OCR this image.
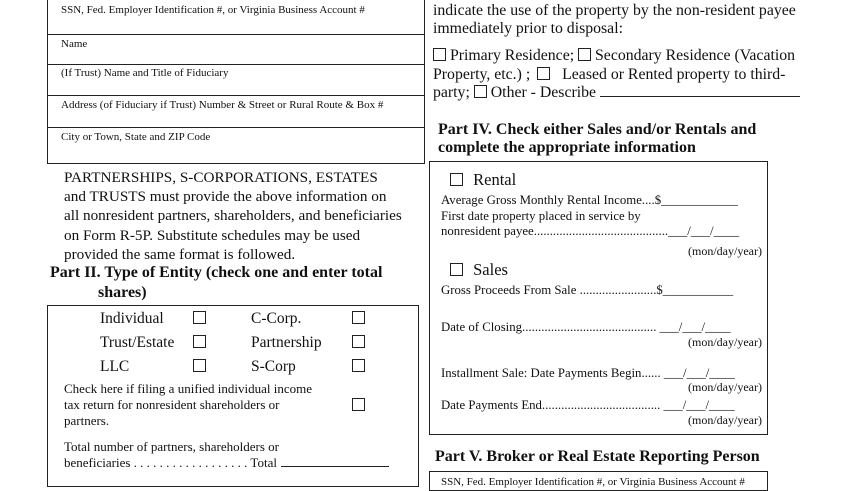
SSN, Fed. Employer Identification #, or Virginia Business Account #
Name
(If Trust) Name and Title of Fiduciary
Address (of Fiduciary if Trust) Number & Street or Rural Route & Box #
City or Town, State and ZIP Code
PARTNERSHIPS, S-CORPORATIONS, ESTATES
and TRUSTS must provide the above information on
all nonresident partners, shareholders, and beneficiaries
on Form R-5P. Substitute schedules may be used
provided the same format is followed.
Part II. Type of Entity (check one and enter total
shares)
Individual	C-Corp.
Trust/Estate	Partnership
LLC	S-Corp
Check here if filing a unified individual income
tax return for nonresident shareholders or
partners.
Total number of partners, shareholders or
beneficiaries . . . . . . . . . . . . . . . . . . Total
indicate the use of the property by the non-resident payee
immediately prior to disposal:
Primary Residence; Secondary Residence (Vacation
Property, etc.) ; Leased or Rented property to third-
party; Other - Describe
Part IV. Check either Sales and/or Rentals and
complete the appropriate information
Rental
Average Gross Monthly Rental Income....$____________
First date property placed in service by
nonresident payee..........................................___/___/____
(mon/day/year)
Sales
Gross Proceeds From Sale ........................$___________
Date of Closing.......................................... ___/___/____
(mon/day/year)
Installment Sale: Date Payments Begin...... ___/___/____
(mon/day/year)
Date Payments End..................................... ___/___/____
(mon/day/year)
Part V. Broker or Real Estate Reporting Person
SSN, Fed. Employer Identification #, or Virginia Business Account #
